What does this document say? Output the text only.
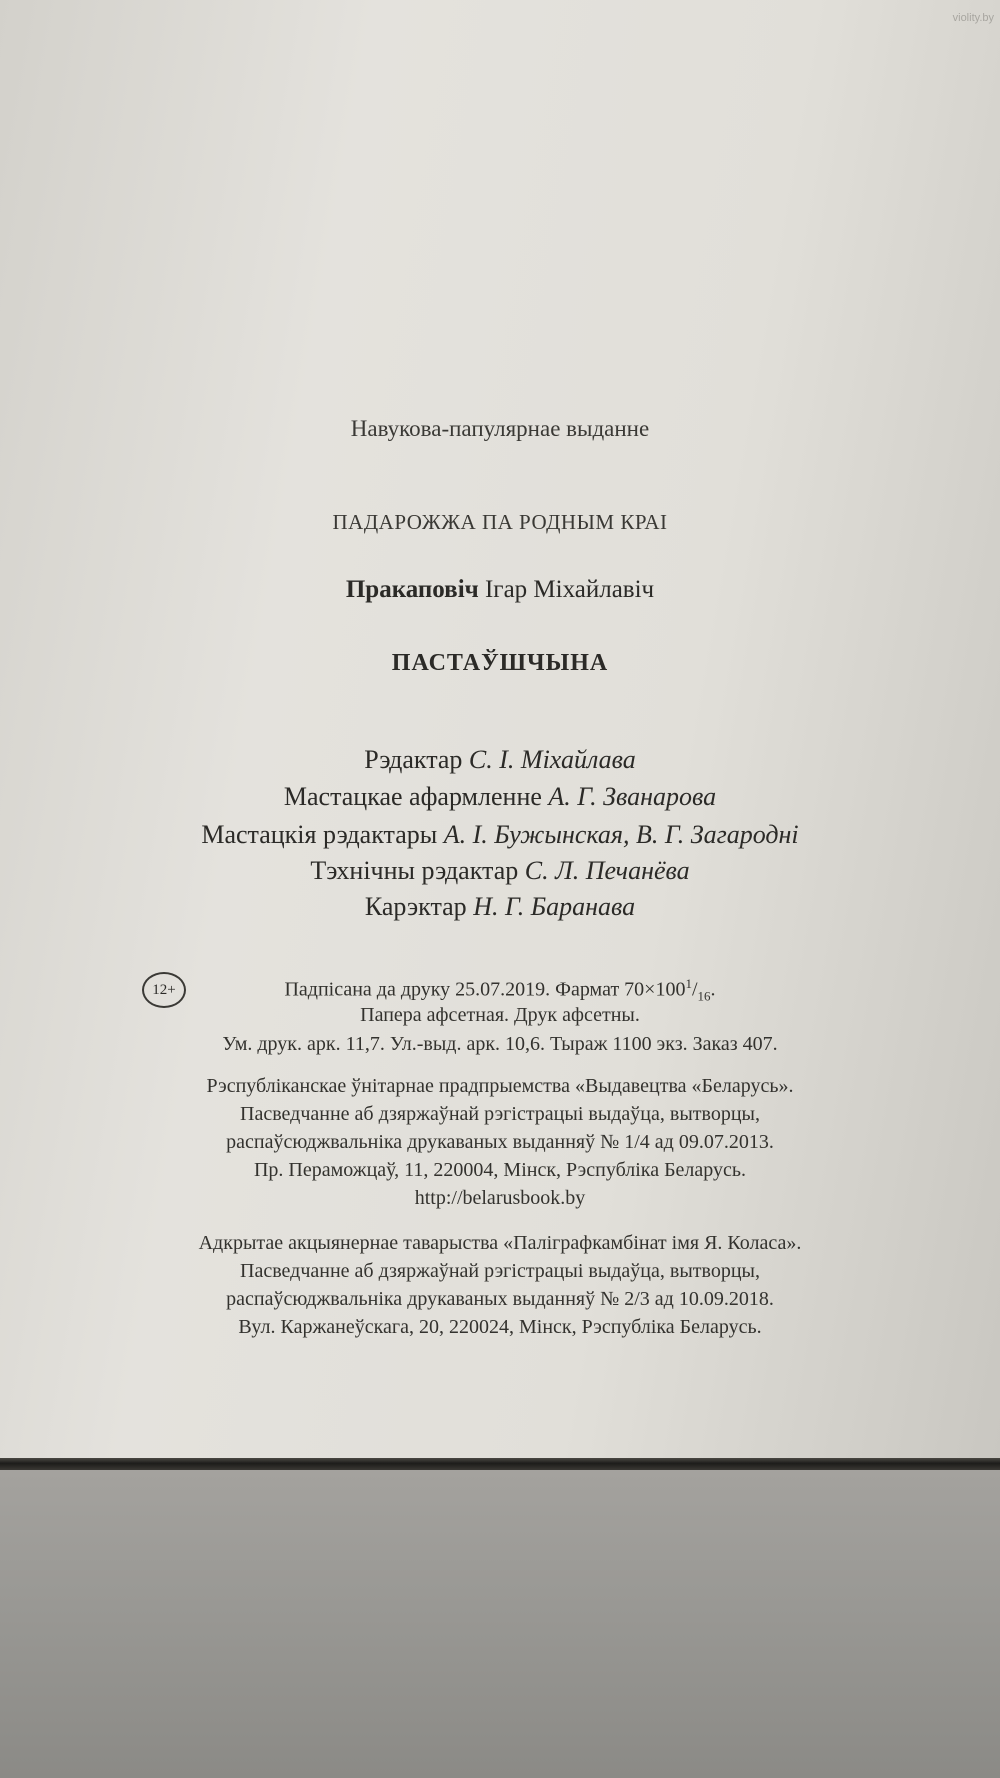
violity.by
Навукова-папулярнае выданне
ПАДАРОЖЖА ПА РОДНЫМ КРАІ
Пракаповіч Ігар Міхайлавіч
ПАСТАЎШЧЫНА
Рэдактар С. І. Міхайлава
Мастацкае афармленне А. Г. Званарова
Мастацкія рэдактары А. І. Бужынская, В. Г. Загародні
Тэхнічны рэдактар С. Л. Печанёва
Карэктар Н. Г. Баранава
12+	Падпісана да друку 25.07.2019. Фармат $70\times 100^1/_{16}$.
Папера афсетная. Друк афсетны.
Ум. друк. арк. 11,7. Ул.-выд. арк. 10,6. Тыраж 1100 экз. Заказ 407.
Рэспубліканскае ўнітарнае прадпрыемства «Выдавецтва «Беларусь».
Пасведчанне аб дзяржаўнай рэгістрацыі выдаўца, вытворцы,
распаўсюджвальніка друкаваных выданняў № 1/4 ад 09.07.2013.
Пр. Пераможцаў, 11, 220004, Мінск, Рэспубліка Беларусь.
http://belarusbook.by
Адкрытае акцыянернае таварыства «Паліграфкамбінат імя Я. Коласа».
Пасведчанне аб дзяржаўнай рэгістрацыі выдаўца, вытворцы,
распаўсюджвальніка друкаваных выданняў № 2/3 ад 10.09.2018.
Вул. Каржанеўскага, 20, 220024, Мінск, Рэспубліка Беларусь.
